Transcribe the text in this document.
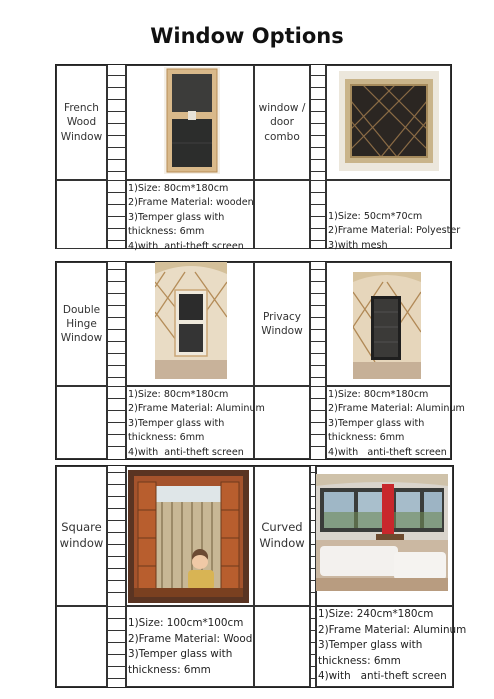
Window Options
French
Wood
Window
1)Size: 80cm*180cm
2)Frame Material: wooden
3)Temper glass with
thickness: 6mm
4)with  anti-theft screen
window /
door
combo
1)Size: 50cm*70cm
2)Frame Material: Polyester
3)with mesh
Double
Hinge
Window
1)Size: 80cm*180cm
2)Frame Material: Aluminum
3)Temper glass with
thickness: 6mm
4)with  anti-theft screen
Privacy
Window
1)Size: 80cm*180cm
2)Frame Material: Aluminum
3)Temper glass with
thickness: 6mm
4)with   anti-theft screen
Square
window
1)Size: 100cm*100cm
2)Frame Material: Wood
3)Temper glass with
thickness: 6mm
Curved
Window
1)Size: 240cm*180cm
2)Frame Material: Aluminum
3)Temper glass with
thickness: 6mm
4)with   anti-theft screen
